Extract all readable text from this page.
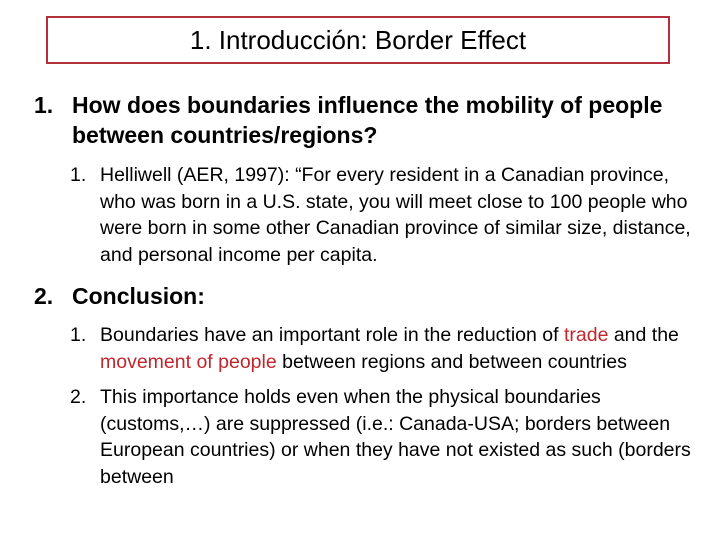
1. Introducción: Border Effect
1. How does boundaries influence the mobility of people between countries/regions?
1. Helliwell (AER, 1997): “For every resident in a Canadian province, who was born in a U.S. state, you will meet close to 100 people who were born in some other Canadian province of similar size, distance, and personal income per capita.
2. Conclusion:
1. Boundaries have an important role in the reduction of trade and the movement of people between regions and between countries
2. This importance holds even when the physical boundaries (customs,…) are suppressed (i.e.: Canada-USA; borders between European countries) or when they have not existed as such (borders between
